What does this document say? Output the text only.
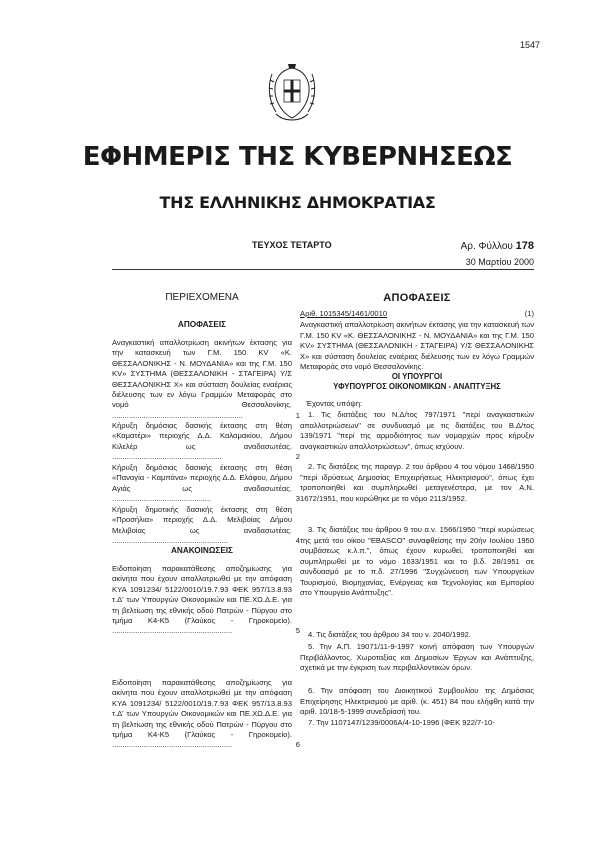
1547
ΕΦΗΜΕΡΙΣ ΤΗΣ ΚΥΒΕΡΝΗΣΕΩΣ
ΤΗΣ ΕΛΛΗΝΙΚΗΣ ΔΗΜΟΚΡΑΤΙΑΣ
ΤΕΥΧΟΣ ΤΕΤΑΡΤΟ	Αρ. Φύλλου 178
30 Μαρτίου 2000
ΠΕΡΙΕΧΟΜΕΝΑ
ΑΠΟΦΑΣΕΙΣ
Αναγκαστική απαλλοτρίωση ακινήτων έκτασης για την κατασκευή των Γ.Μ. 150 KV «Κ. ΘΕΣΣΑΛΟΝΙΚΗΣ - Ν. ΜΟΥΔΑΝΙΑ» και της Γ.Μ. 150 KV» ΣΥΣΤΗΜΑ (ΘΕΣΣΑΛΟΝΙΚΗ - ΣΤΑΓΕΙΡΑ) Υ/Σ ΘΕΣΣΑΛΟΝΙΚΗΣ Χ» και σύσταση δουλείας εναέριας διέλευσης των εν λόγω Γραμμών Μεταφοράς στο νομό Θεσσαλονίκης. ..............................................................	1
Κήρυξη δημόσιας δασικής έκτασης στη θέση «Καματέρι» περιοχής Δ.Δ. Καλαμακίου, Δήμου Κιλελέρ ως αναδασωτέας. ....................................................	2
Κήρυξη δημόσιας δασικής έκτασης στη θέση «Παναγία - Καμπάνα» περιοχής Δ.Δ. Ελάφου, Δήμου Αγιάς ως αναδασωτέας. ...............................................	3
Κήρυξη δημοτικής δασικής έκτασης στη θέση «Προσήλια» περιοχής Δ.Δ. Μελιβοίας Δήμου Μελιβοίας ως αναδασωτέας. .......................................................	4
ΑΝΑΚΟΙΝΩΣΕΙΣ
Ειδοποίηση παρακατάθεσης αποζημίωσης για ακίνητα που έχουν απαλλοτριωθεί με την απόφαση ΚΥΑ 1091234/ 5122/0010/19.7.93 ΦΕΚ 957/13.8.93 τ.Δ' των Υπουργών Οικονομικών και ΠΕ.ΧΩ.Δ.Ε. για τη βελτίωση της εθνικής οδού Πατρών - Πύργου στο τμήμα Κ4-Κ5 (Γλαύκος - Γηροκομείο). .........................................................	5
Ειδοποίηση παρακατάθεσης αποζημίωσης για ακίνητα που έχουν απαλλοτριωθεί με την απόφαση ΚΥΑ 1091234/ 5122/0010/19.7.93 ΦΕΚ 957/13.8.93 τ.Δ' των Υπουργών Οικονομικών και ΠΕ.ΧΩ.Δ.Ε. για τη βελτίωση της εθνικής οδού Πατρών - Πύργου στο τμήμα Κ4-Κ5 (Γλαύκος - Γηροκομείο). .........................................................	6
ΑΠΟΦΑΣΕΙΣ
Αριθ. 1015345/1461/0010	(1)
Αναγκαστική απαλλοτρίωση ακινήτων έκτασης για την κατασκευή των Γ.Μ. 150 KV «Κ. ΘΕΣΣΑΛΟΝΙΚΗΣ - Ν. ΜΟΥΔΑΝΙΑ» και της Γ.Μ. 150 KV» ΣΥΣΤΗΜΑ (ΘΕΣΣΑΛΟΝΙΚΗ - ΣΤΑΓΕΙΡΑ) Υ/Σ ΘΕΣΣΑΛΟΝΙΚΗΣ Χ» και σύσταση δουλείας εναέριας διέλευσης των εν λόγω Γραμμών Μεταφοράς στο νομό Θεσσαλονίκης.
ΟΙ ΥΠΟΥΡΓΟΙ
ΥΦΥΠΟΥΡΓΟΣ ΟΙΚΟΝΟΜΙΚΩΝ - ΑΝΑΠΤΥΞΗΣ
Έχοντας υπόψη:
1. Τις διατάξεις του Ν.Δ/τος 797/1971 "περί αναγκαστικών απαλλοτριώσεων" σε συνδυασμό με τις διατάξεις του Β.Δ/τος 139/1971 "περί της αρμοδιότητος των νομαρχών προς κήρυξιν αναγκαστικών απαλλοτριώσεων", όπως ισχύουν.
2. Τις διατάξεις της παραγρ. 2 του άρθρου 4 του νόμου 1468/1950 "περί ιδρύσεως Δημοσίας Επιχειρήσεως Ηλεκτρισμού", όπως έχει τροποποιηθεί και συμπληρωθεί μεταγενέστερα, με τον Α.Ν. 1672/1951, που κυρώθηκε με το νόμο 2113/1952.
3. Τις διατάξεις του άρθρου 9 του α.ν. 1566/1950 "περί κυρώσεως της μετά του οίκου "EBASCO" συναφθείσης την 20ήν Ιουλίου 1950 συμβάσεως κ.λ.π.", όπως έχουν κυρωθεί, τροποποιηθεί και συμπληρωθεί με το νόμο 1633/1951 και το β.δ. 28/1951 σε συνδυασμό με το π.δ. 27/1996 "Συγχώνευση των Υπουργείων Τουρισμού, Βιομηχανίας, Ενέργειας και Τεχνολογίας και Εμπορίου στο Υπουργείο Ανάπτυξης".
4. Τις διατάξεις του άρθρου 34 του ν. 2040/1992.
5. Την Α.Π. 19071/11-9-1997 κοινή απόφαση των Υπουργών Περιβάλλοντος, Χωροταξίας και Δημοσίων Έργων και Ανάπτυξης, σχετικά με την έγκριση των περιβαλλοντικών όρων.
6. Την απόφαση του Διοικητικού Συμβουλίου της Δημόσιας Επιχείρησης Ηλεκτρισμού με αριθ. (κ. 451) 84 που ελήφθη κατά την αριθ. 10/18-5-1999 συνεδρίασή του.
7. Την 1107147/1239/0006Α/4-10-1996 (ΦΕΚ 922/7-10-
